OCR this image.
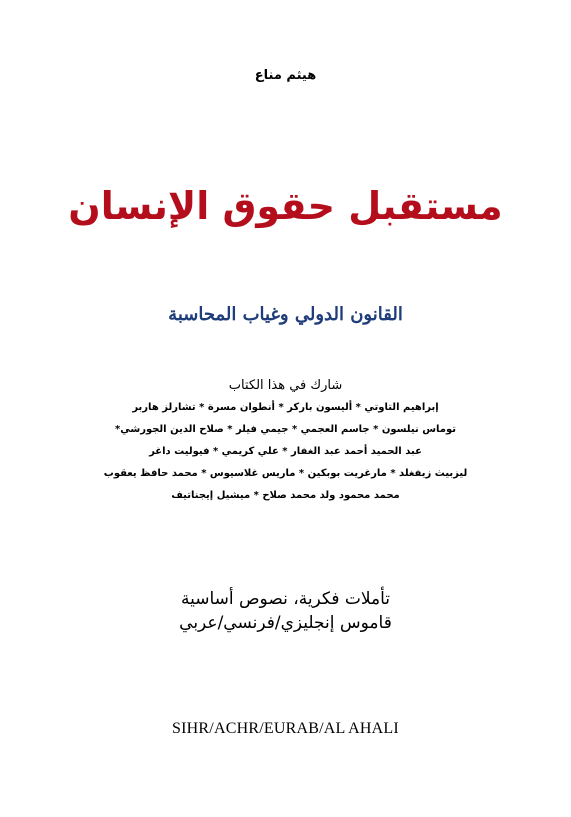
هيثم مناع
مستقبل حقوق الإنسان
القانون الدولي وغياب المحاسبة
شارك في هذا الكتاب
إبراهيم التاوتي * أليسون باركر * أنطوان مسرة * تشارلز هاربر
توماس نيلسون * جاسم العجمي * جيمي فيلر * صلاح الدين الجورشي*
عبد الحميد أحمد عبد الغفار * علي كريمي * فيوليت داغر
ليزبيث زيفغلد * مارغريت بوبكين * ماريس غلاسيوس * محمد حافظ يعقوب
محمد محمود ولد محمد صلاح * ميشيل إيجناتيف
تأملات فكرية، نصوص أساسية
قاموس إنجليزي/فرنسي/عربي
SIHR/ACHR/EURAB/AL AHALI
